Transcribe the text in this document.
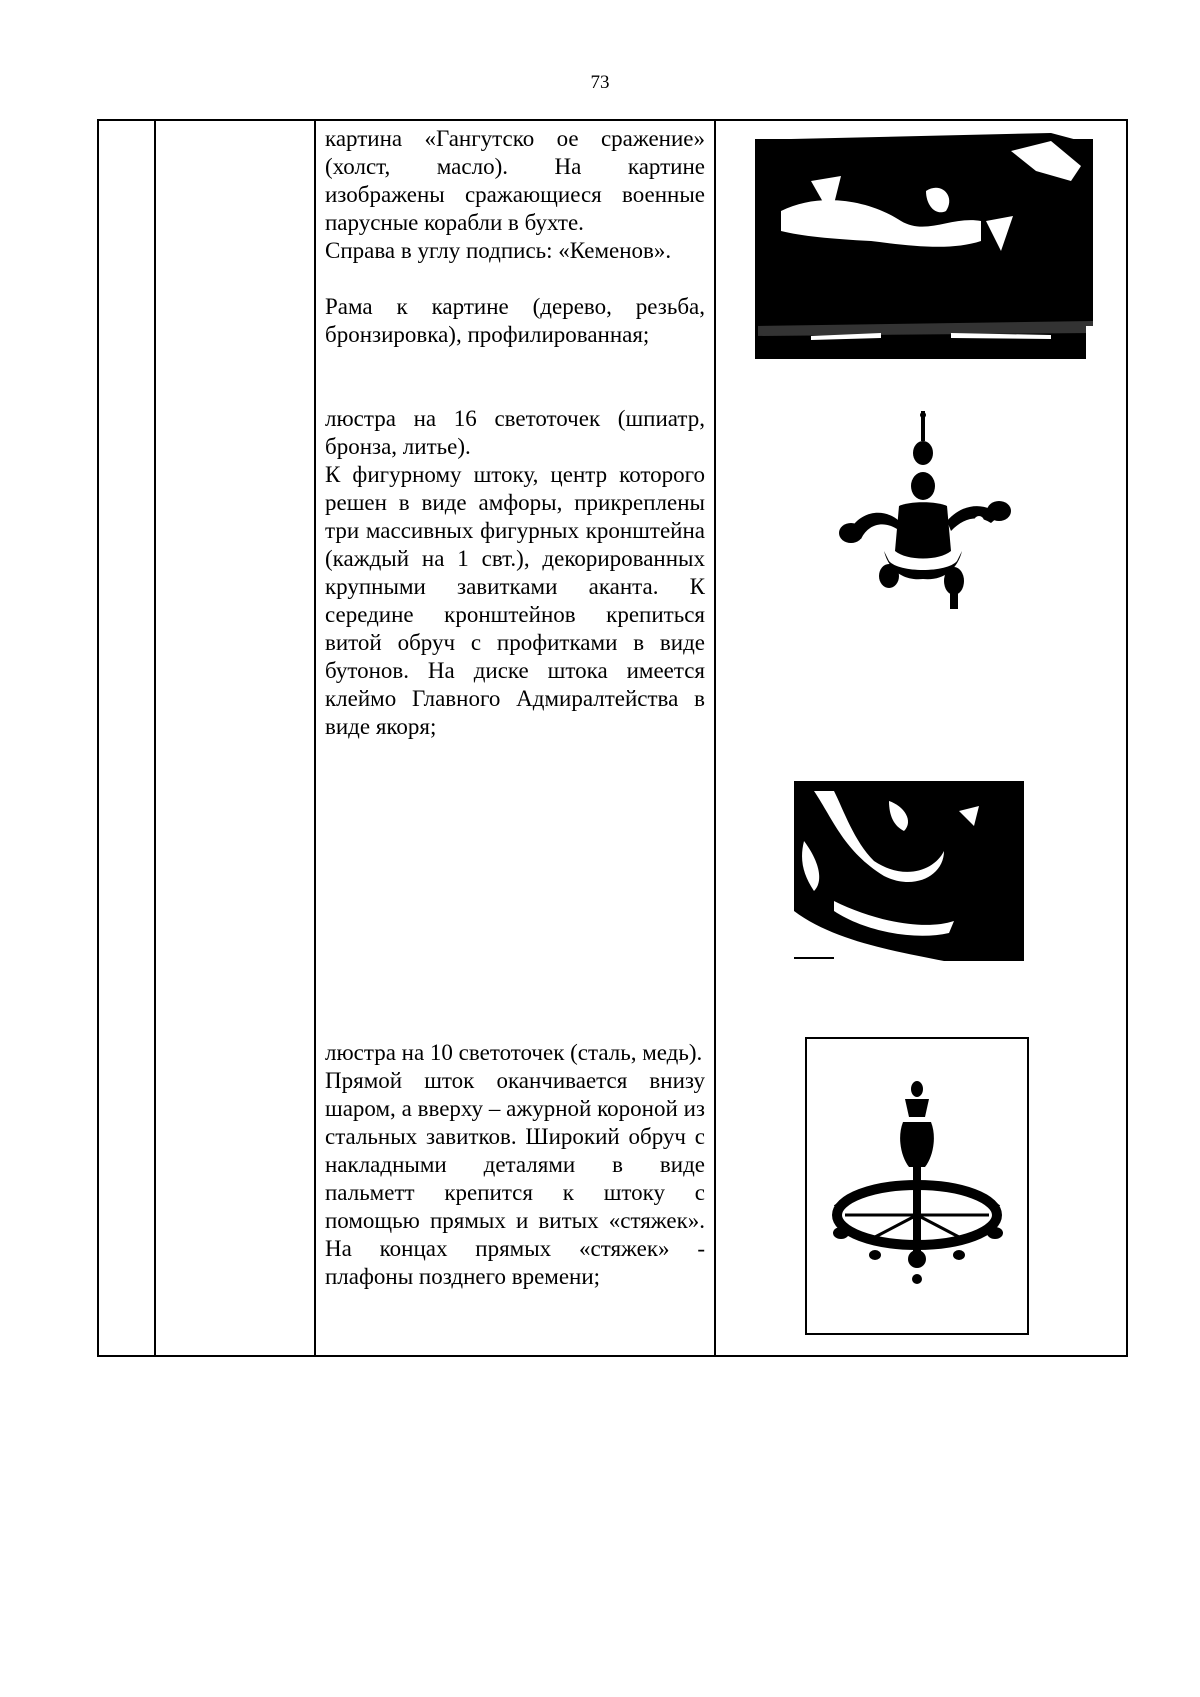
73

картина «Гангутско ое сражение» (холст, масло). На картине изображены сражающиеся военные парусные корабли в бухте.

Справа в углу подпись: «Кеменов».

Рама к картине (дерево, резьба, бронзировка), профилированная;

люстра на 16 светоточек (шпиатр, бронза, литье).

К фигурному штоку, центр которого решен в виде амфоры, прикреплены три массивных фигурных кронштейна (каждый на 1 свт.), декорированных крупными завитками аканта. К середине кронштейнов крепиться витой обруч с профитками в виде бутонов. На диске штока имеется клеймо Главного Адмиралтейства в виде якоря;

люстра на 10 светоточек (сталь, медь).

Прямой шток оканчивается внизу шаром, а вверху – ажурной короной из стальных завитков. Широкий обруч с накладными деталями в виде пальметт крепится к штоку с помощью прямых и витых «стяжек». На концах прямых «стяжек» - плафоны позднего времени;
